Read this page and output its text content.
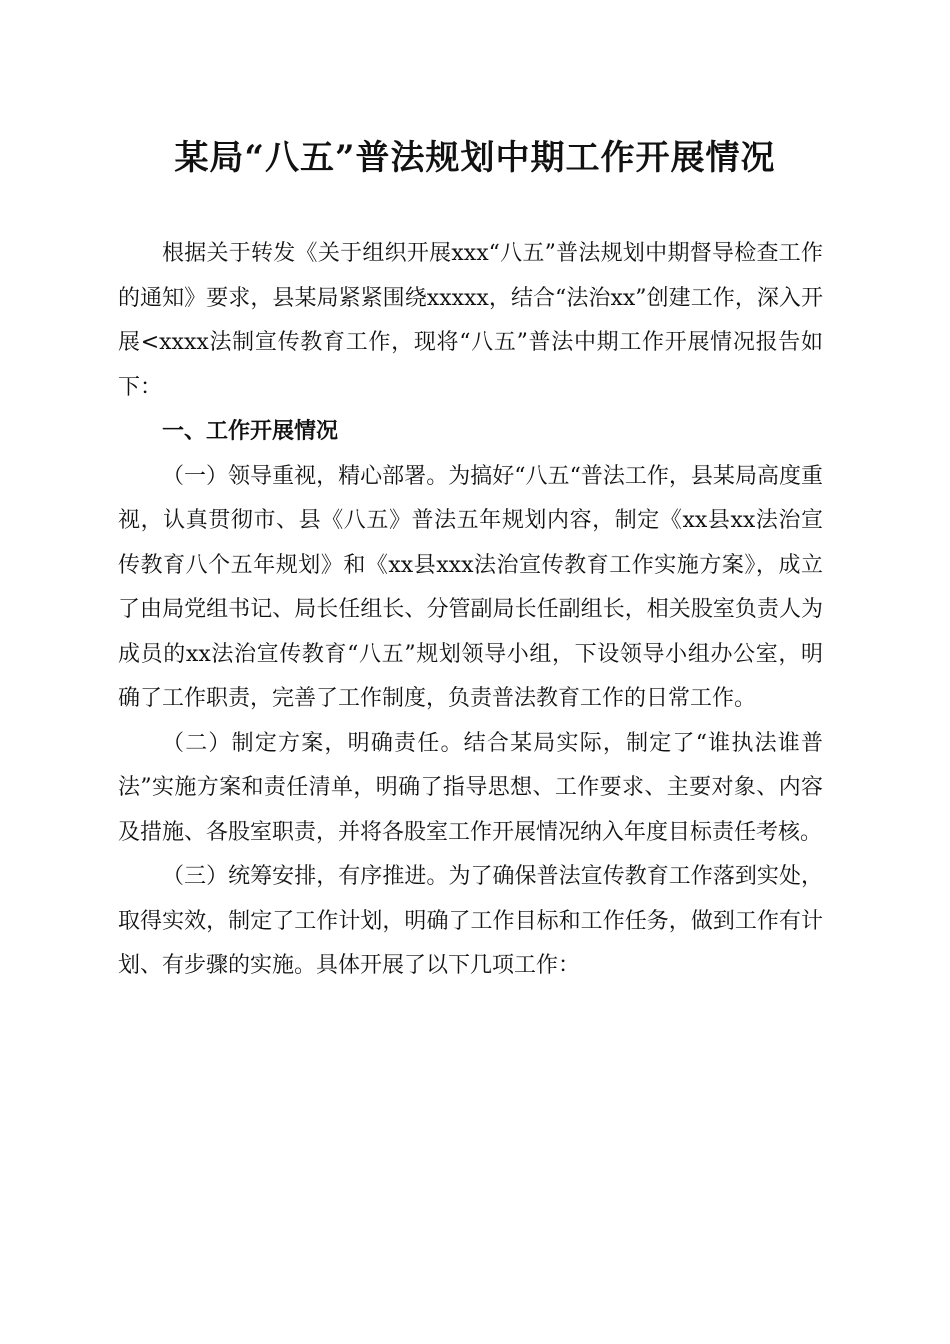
某局“八五”普法规划中期工作开展情况

根据关于转发《关于组织开展xxx“八五”普法规划中期督导检查工作的通知》要求，县某局紧紧围绕xxxxx，结合“法治xx”创建工作，深入开展<xxxx法制宣传教育工作，现将“八五”普法中期工作开展情况报告如下：

一、工作开展情况

（一）领导重视，精心部署。为搞好“八五“普法工作，县某局高度重视，认真贯彻市、县《八五》普法五年规划内容，制定《xx县xx法治宣传教育八个五年规划》和《xx县xxx法治宣传教育工作实施方案》，成立了由局党组书记、局长任组长、分管副局长任副组长，相关股室负责人为成员的xx法治宣传教育“八五”规划领导小组，下设领导小组办公室，明确了工作职责，完善了工作制度，负责普法教育工作的日常工作。

（二）制定方案，明确责任。结合某局实际，制定了“谁执法谁普法”实施方案和责任清单，明确了指导思想、工作要求、主要对象、内容及措施、各股室职责，并将各股室工作开展情况纳入年度目标责任考核。

（三）统筹安排，有序推进。为了确保普法宣传教育工作落到实处，取得实效，制定了工作计划，明确了工作目标和工作任务，做到工作有计划、有步骤的实施。具体开展了以下几项工作：
